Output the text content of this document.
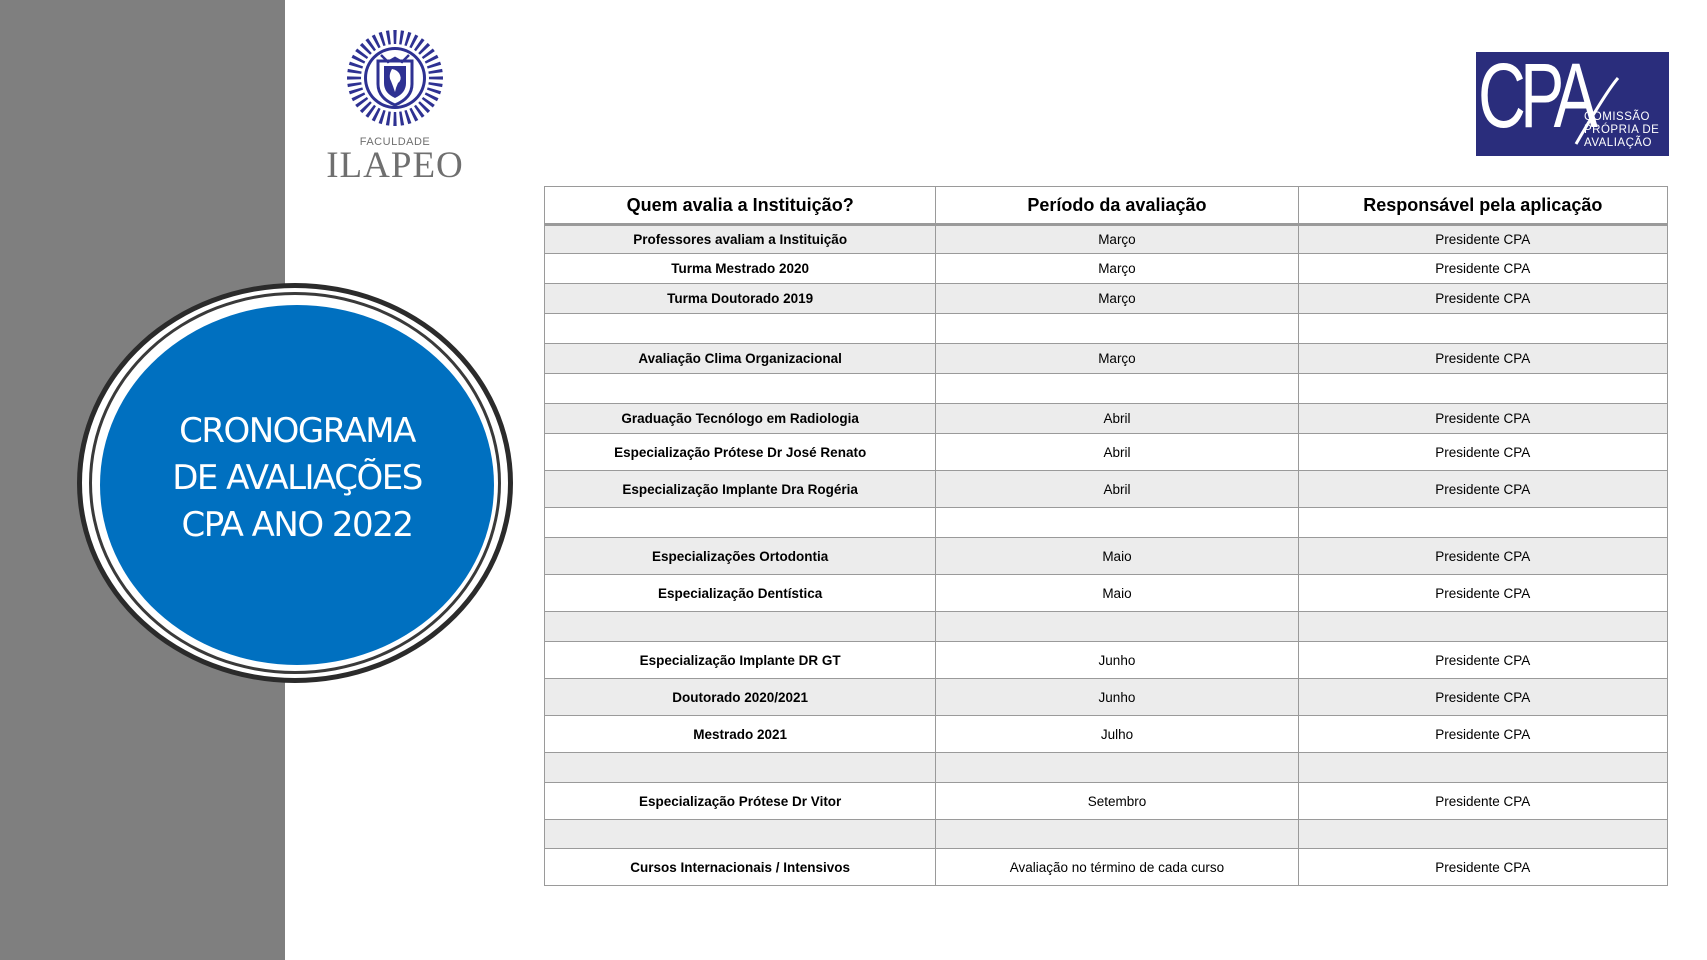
CRONOGRAMA
DE AVALIAÇÕES
CPA ANO 2022
FACULDADE
ILAPEO
CPA
COMISSÃO
PRÓPRIA DE
AVALIAÇÃO
Quem avalia a Instituição?	Período da avaliação	Responsável pela aplicação
Professores avaliam a Instituição	Março	Presidente CPA
Turma Mestrado 2020	Março	Presidente CPA
Turma Doutorado 2019	Março	Presidente CPA

Avaliação Clima Organizacional	Março	Presidente CPA

Graduação Tecnólogo em Radiologia	Abril	Presidente CPA
Especialização Prótese Dr José Renato	Abril	Presidente CPA
Especialização Implante Dra Rogéria	Abril	Presidente CPA

Especializações Ortodontia	Maio	Presidente CPA
Especialização Dentística	Maio	Presidente CPA

Especialização Implante DR GT	Junho	Presidente CPA
Doutorado 2020/2021	Junho	Presidente CPA
Mestrado 2021	Julho	Presidente CPA

Especialização Prótese Dr Vitor	Setembro	Presidente CPA

Cursos Internacionais / Intensivos	Avaliação no término de cada curso	Presidente CPA
